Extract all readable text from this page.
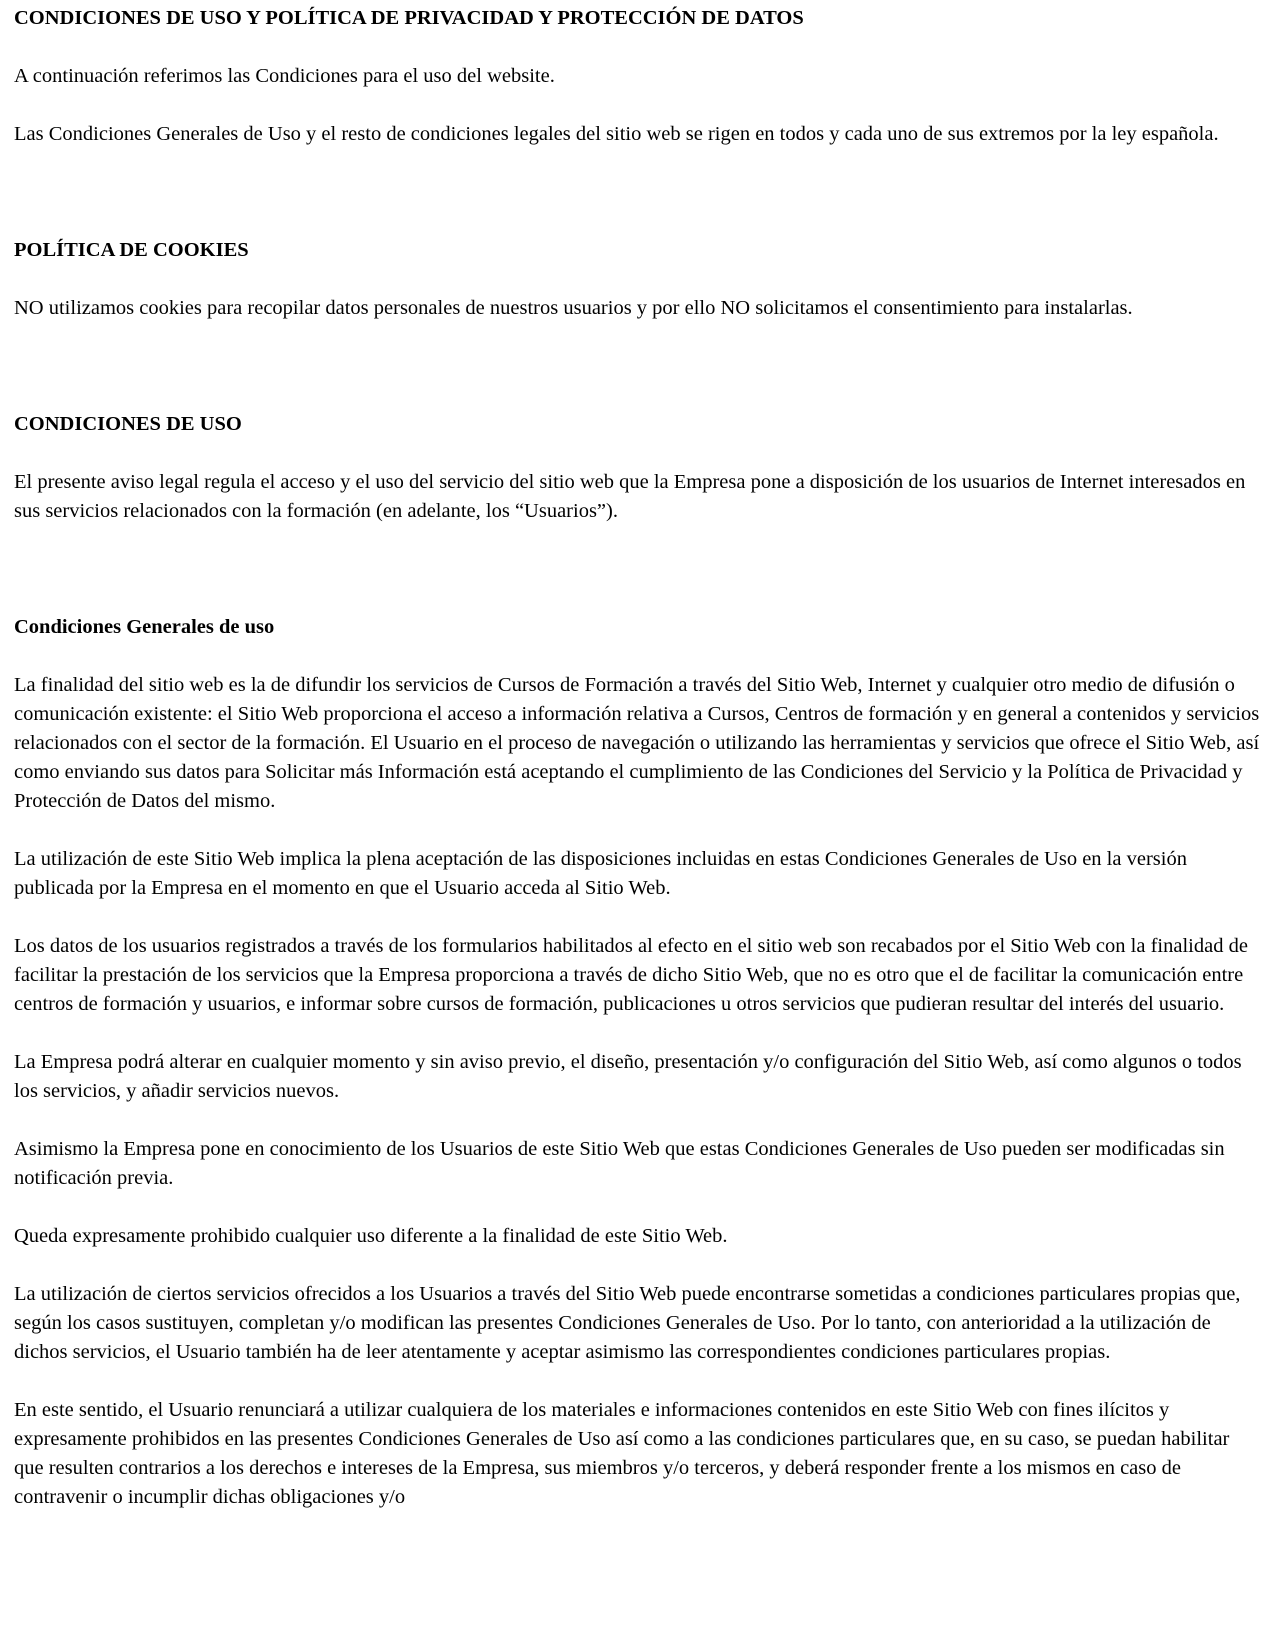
CONDICIONES DE USO Y POLÍTICA DE PRIVACIDAD Y PROTECCIÓN DE DATOS

A continuación referimos las Condiciones para el uso del website.

Las Condiciones Generales de Uso y el resto de condiciones legales del sitio web se rigen en todos y cada uno de sus extremos por la ley española.

POLÍTICA DE COOKIES

NO utilizamos cookies para recopilar datos personales de nuestros usuarios y por ello NO solicitamos el consentimiento para instalarlas.

CONDICIONES DE USO

El presente aviso legal regula el acceso y el uso del servicio del sitio web que la Empresa pone a disposición de los usuarios de Internet interesados en sus servicios relacionados con la formación (en adelante, los “Usuarios”).

Condiciones Generales de uso

La finalidad del sitio web es la de difundir los servicios de Cursos de Formación a través del Sitio Web, Internet y cualquier otro medio de difusión o comunicación existente: el Sitio Web proporciona el acceso a información relativa a Cursos, Centros de formación y en general a contenidos y servicios relacionados con el sector de la formación. El Usuario en el proceso de navegación o utilizando las herramientas y servicios que ofrece el Sitio Web, así como enviando sus datos para Solicitar más Información está aceptando el cumplimiento de las Condiciones del Servicio y la Política de Privacidad y Protección de Datos del mismo.

La utilización de este Sitio Web implica la plena aceptación de las disposiciones incluidas en estas Condiciones Generales de Uso en la versión publicada por la Empresa en el momento en que el Usuario acceda al Sitio Web.

Los datos de los usuarios registrados a través de los formularios habilitados al efecto en el sitio web son recabados por el Sitio Web con la finalidad de facilitar la prestación de los servicios que la Empresa proporciona a través de dicho Sitio Web, que no es otro que el de facilitar la comunicación entre centros de formación y usuarios, e informar sobre cursos de formación, publicaciones u otros servicios que pudieran resultar del interés del usuario.

La Empresa podrá alterar en cualquier momento y sin aviso previo, el diseño, presentación y/o configuración del Sitio Web, así como algunos o todos los servicios, y añadir servicios nuevos.

Asimismo la Empresa pone en conocimiento de los Usuarios de este Sitio Web que estas Condiciones Generales de Uso pueden ser modificadas sin notificación previa.

Queda expresamente prohibido cualquier uso diferente a la finalidad de este Sitio Web.

La utilización de ciertos servicios ofrecidos a los Usuarios a través del Sitio Web puede encontrarse sometidas a condiciones particulares propias que, según los casos sustituyen, completan y/o modifican las presentes Condiciones Generales de Uso. Por lo tanto, con anterioridad a la utilización de dichos servicios, el Usuario también ha de leer atentamente y aceptar asimismo las correspondientes condiciones particulares propias.

En este sentido, el Usuario renunciará a utilizar cualquiera de los materiales e informaciones contenidos en este Sitio Web con fines ilícitos y expresamente prohibidos en las presentes Condiciones Generales de Uso así como a las condiciones particulares que, en su caso, se puedan habilitar que resulten contrarios a los derechos e intereses de la Empresa, sus miembros y/o terceros, y deberá responder frente a los mismos en caso de contravenir o incumplir dichas obligaciones y/o
